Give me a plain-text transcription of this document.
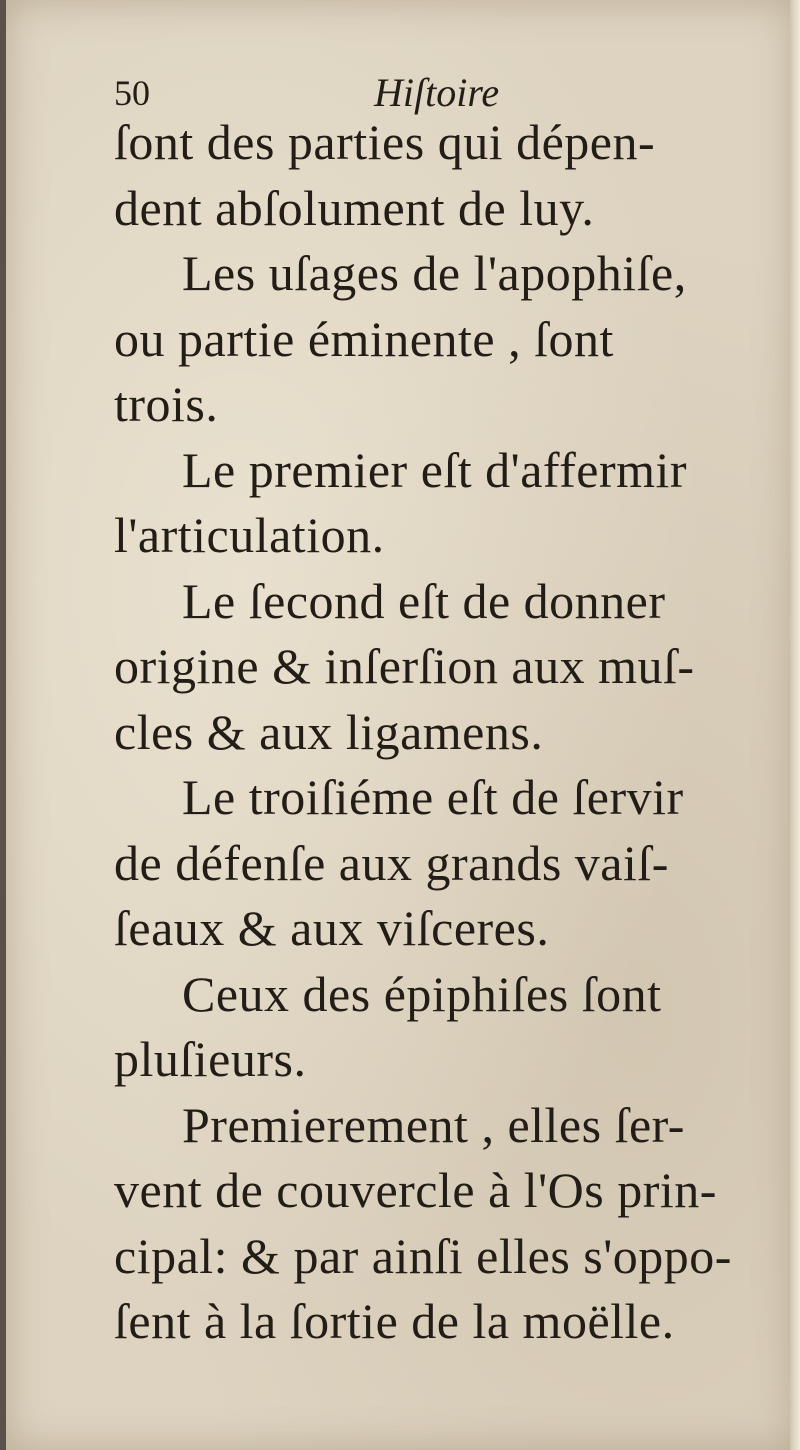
50	Hiſtoire
ſont des parties qui dépen-
dent abſolument de luy.
Les uſages de l'apophiſe,
ou partie éminente , ſont
trois.
Le premier eſt d'affermir
l'articulation.
Le ſecond eſt de donner
origine & inſerſion aux muſ-
cles & aux ligamens.
Le troiſiéme eſt de ſervir
de défenſe aux grands vaiſ-
ſeaux & aux viſceres.
Ceux des épiphiſes ſont
pluſieurs.
Premierement , elles ſer-
vent de couvercle à l'Os prin-
cipal: & par ainſi elles s'oppo-
ſent à la ſortie de la moëlle.
